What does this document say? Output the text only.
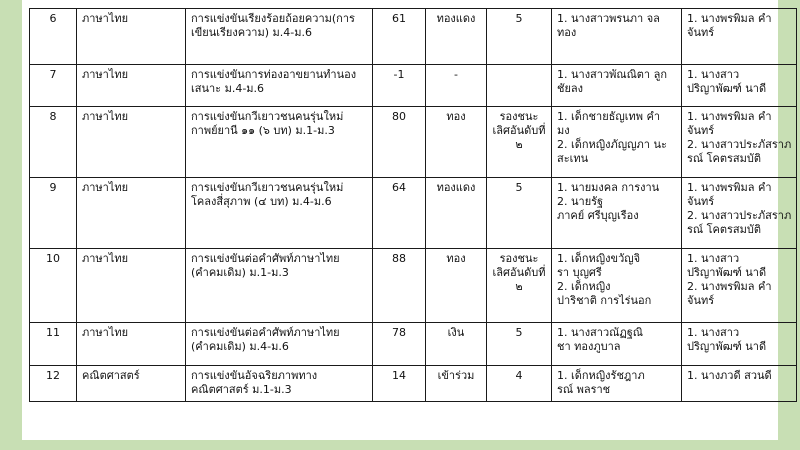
6	ภาษาไทย	การแข่งขันเรียงร้อยถ้อยความ(การ
เขียนเรียงความ) ม.4-ม.6	61	ทองแดง	5	1. นางสาวพรนภา จล
ทอง	1. นางพรพิมล คำ
จันทร์

7	ภาษาไทย	การแข่งขันการท่องอาขยานทำนอง
เสนาะ ม.4-ม.6	-1	-		1. นางสาวพัณณิตา ลูก
ชัยลง	1. นางสาว
ปริญาพัฒฑ์ นาดี

8	ภาษาไทย	การแข่งขันกวีเยาวชนคนรุ่นใหม่
กาพย์ยานี ๑๑ (๖ บท) ม.1-ม.3	80	ทอง	รองชนะ
เลิศอันดับที่
๒	1. เด็กชายธัญเทพ คำ
มง
2. เด็กหญิงภัญญภา นะ
สะเทน	1. นางพรพิมล คำ
จันทร์
2. นางสาวประภัสราภ
รณ์ โคตรสมบัติ

9	ภาษาไทย	การแข่งขันกวีเยาวชนคนรุ่นใหม่
โคลงสี่สุภาพ (๔ บท) ม.4-ม.6	64	ทองแดง	5	1. นายมงคล การงาน
2. นายรัฐ
ภาคย์ ศรีบุญเรือง	1. นางพรพิมล คำ
จันทร์
2. นางสาวประภัสราภ
รณ์ โคตรสมบัติ

10	ภาษาไทย	การแข่งขันต่อคำศัพท์ภาษาไทย
(คำคมเดิม) ม.1-ม.3	88	ทอง	รองชนะ
เลิศอันดับที่
๒	1. เด็กหญิงขวัญจิ
รา บุญศรี
2. เด็กหญิง
ปาริชาติ การไร่นอก	1. นางสาว
ปริญาพัฒฑ์ นาดี
2. นางพรพิมล คำ
จันทร์

11	ภาษาไทย	การแข่งขันต่อคำศัพท์ภาษาไทย
(คำคมเดิม) ม.4-ม.6	78	เงิน	5	1. นางสาวณัฏฐณิ
ชา ทองภูบาล	1. นางสาว
ปริญาพัฒฑ์ นาดี

12	คณิตศาสตร์	การแข่งขันอัจฉริยภาพทาง
คณิตศาสตร์ ม.1-ม.3	14	เข้าร่วม	4	1. เด็กหญิงรัชฎาภ
รณ์ พลราช	1. นางภวดี สวนดี
